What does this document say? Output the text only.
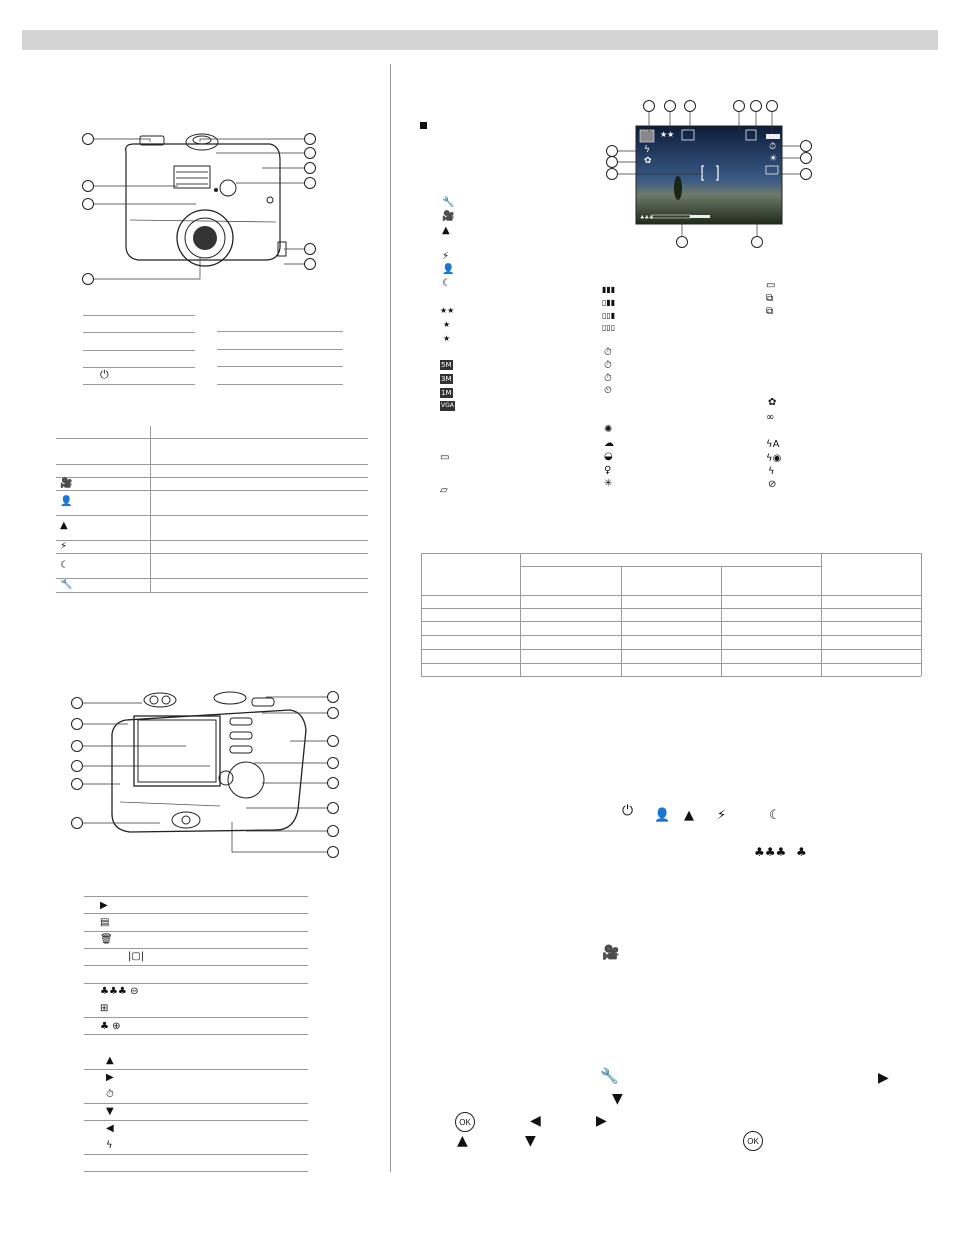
⏻
🎥
👤
▲
⚡
☾
🔧
▶
▤
🗑
|▢|
♣♣♣ ⊖
⊞
♣ ⊕
▲
▶
⏱
▼
◀
ϟ
♣♣♣
ϟ
✿
★★
⏱
☀
🔧
🎥
▲
⚡
👤
☾
★★
★
★
5M
3M
1M
VGA
▭
▱
▮▮▮
▯▮▮
▯▯▮
▯▯▯
⏱
⏱
⏱
⏲
✺
☁
◒
♀
✳
▭
⧉
⧉
✿
∞
ϟA
ϟ◉
ϟ
⊘
👤 ▲ ⚡	☾
⏻
♣♣♣ ♣
🎥
🔧	▶
▼
OK	◀	▶
▲	▼	OK
